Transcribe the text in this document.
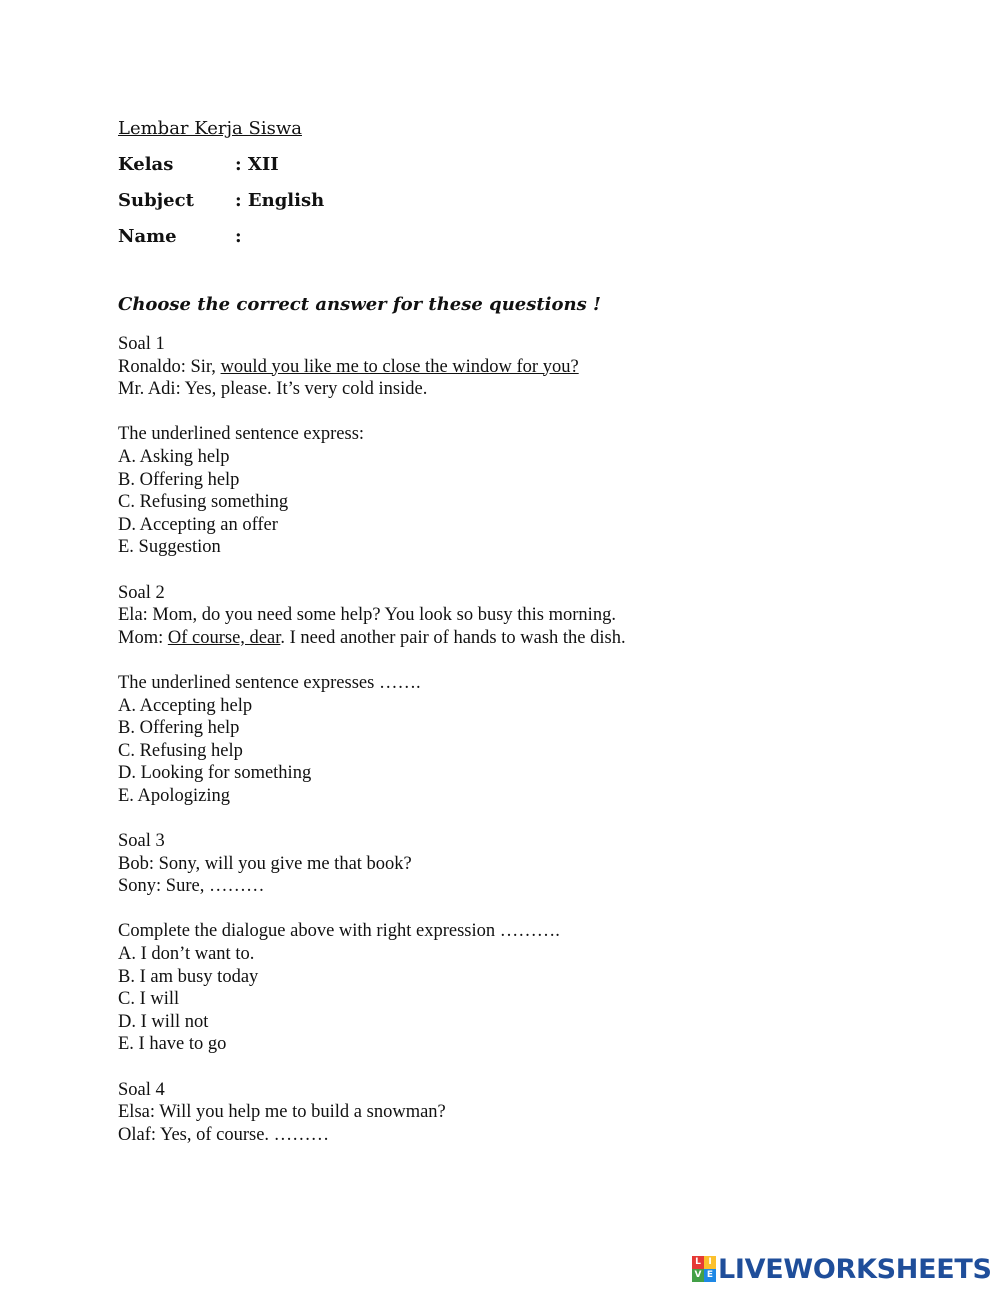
Lembar Kerja Siswa
Kelas	: XII
Subject	: English
Name	:
Choose the correct answer for these questions !
Soal 1
Ronaldo: Sir, would you like me to close the window for you?
Mr. Adi: Yes, please. It’s very cold inside.
The underlined sentence express:
A. Asking help
B. Offering help
C. Refusing something
D. Accepting an offer
E. Suggestion
Soal 2
Ela: Mom, do you need some help? You look so busy this morning.
Mom: Of course, dear. I need another pair of hands to wash the dish.
The underlined sentence expresses …….
A. Accepting help
B. Offering help
C. Refusing help
D. Looking for something
E. Apologizing
Soal 3
Bob: Sony, will you give me that book?
Sony: Sure, ………
Complete the dialogue above with right expression ……….
A. I don’t want to.
B. I am busy today
C. I will
D. I will not
E. I have to go
Soal 4
Elsa: Will you help me to build a snowman?
Olaf: Yes, of course. ………
L I
V E LIVEWORKSHEETS
